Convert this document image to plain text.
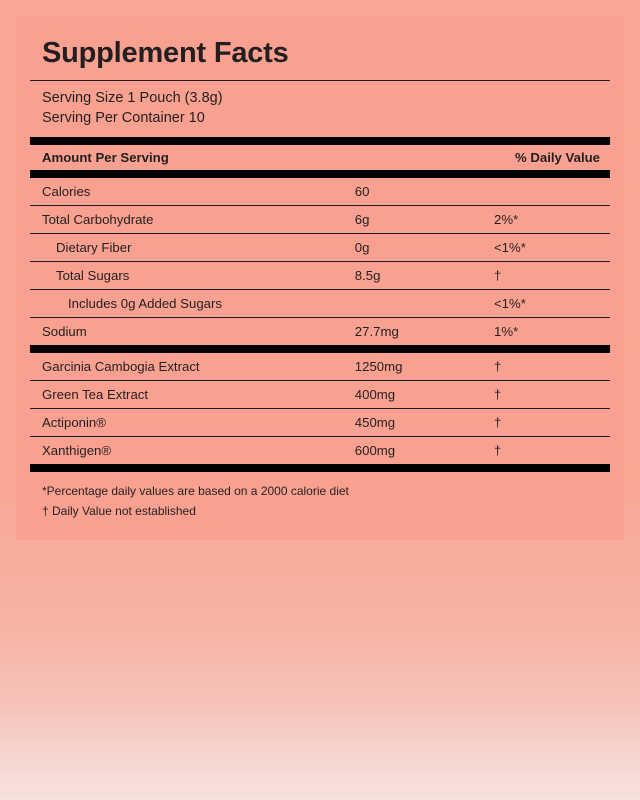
Supplement Facts
Serving Size 1 Pouch (3.8g)
Serving Per Container 10
Amount Per Serving		% Daily Value

Calories	60	
Total Carbohydrate	6g	2%*
Dietary Fiber	0g	<1%*
Total Sugars	8.5g	†
Includes 0g Added Sugars		<1%*
Sodium	27.7mg	1%*

Garcinia Cambogia Extract	1250mg	†
Green Tea Extract	400mg	†
Actiponin®	450mg	†
Xanthigen®	600mg	†

*Percentage daily values are based on a 2000 calorie diet
† Daily Value not established
